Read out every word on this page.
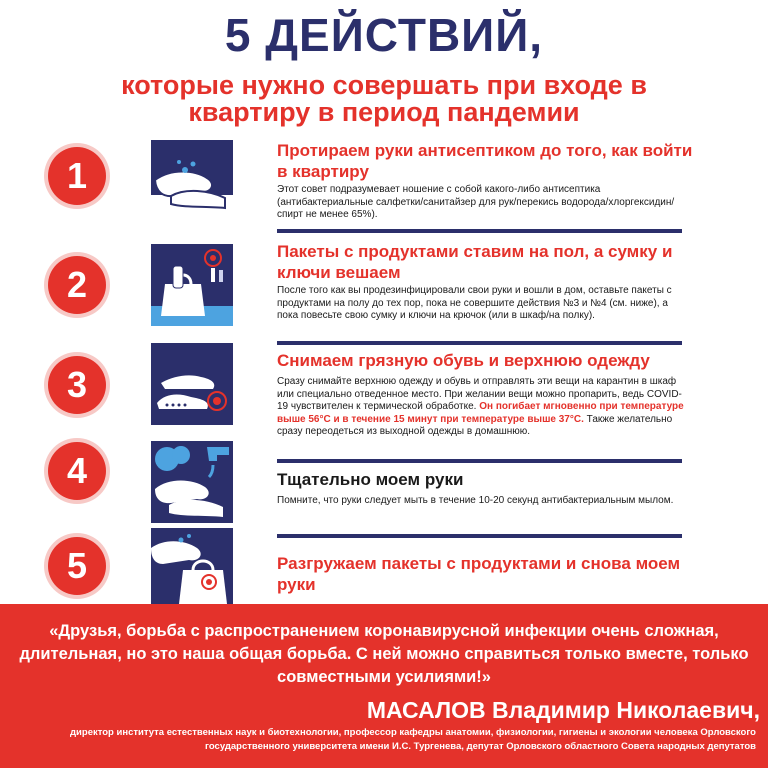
5 ДЕЙСТВИЙ,
которые нужно совершать при входе в квартиру в период пандемии
1
Протираем руки антисептиком до того, как войти в квартиру
Этот совет подразумевает ношение с собой какого-либо антисептика (антибактериальные салфетки/санитайзер для рук/перекись водорода/хлоргексидин/спирт не менее 65%).
2
Пакеты с продуктами ставим на пол, а сумку и ключи вешаем
После того как вы продезинфицировали свои руки и вошли в дом, оставьте пакеты с продуктами на полу до тех пор, пока не совершите действия №3 и №4 (см. ниже), а пока повесьте свою сумку и ключи на крючок (или в шкаф/на полку).
3
Снимаем грязную обувь и верхнюю одежду
Сразу снимайте верхнюю одежду и обувь и отправлять эти вещи на карантин в шкаф или специально отведенное место. При желании вещи можно пропарить, ведь COVID-19 чувствителен к термической обработке. Он погибает мгновенно при температуре выше 56°C и в течение 15 минут при температуре выше 37°C. Также желательно сразу переодеться из выходной одежды в домашнюю.
4	Тщательно моем руки
Помните, что руки следует мыть в течение 10-20 секунд антибактериальным мылом.
5	Разгружаем пакеты с продуктами и снова моем руки
«Друзья, борьба с распространением коронавирусной инфекции очень сложная, длительная, но это наша общая борьба. С ней можно справиться только вместе, только совместными усилиями!»
МАСАЛОВ Владимир Николаевич,
директор института естественных наук и биотехнологии, профессор кафедры анатомии, физиологии, гигиены и экологии человека Орловского государственного университета имени И.С. Тургенева, депутат Орловского областного Совета народных депутатов
